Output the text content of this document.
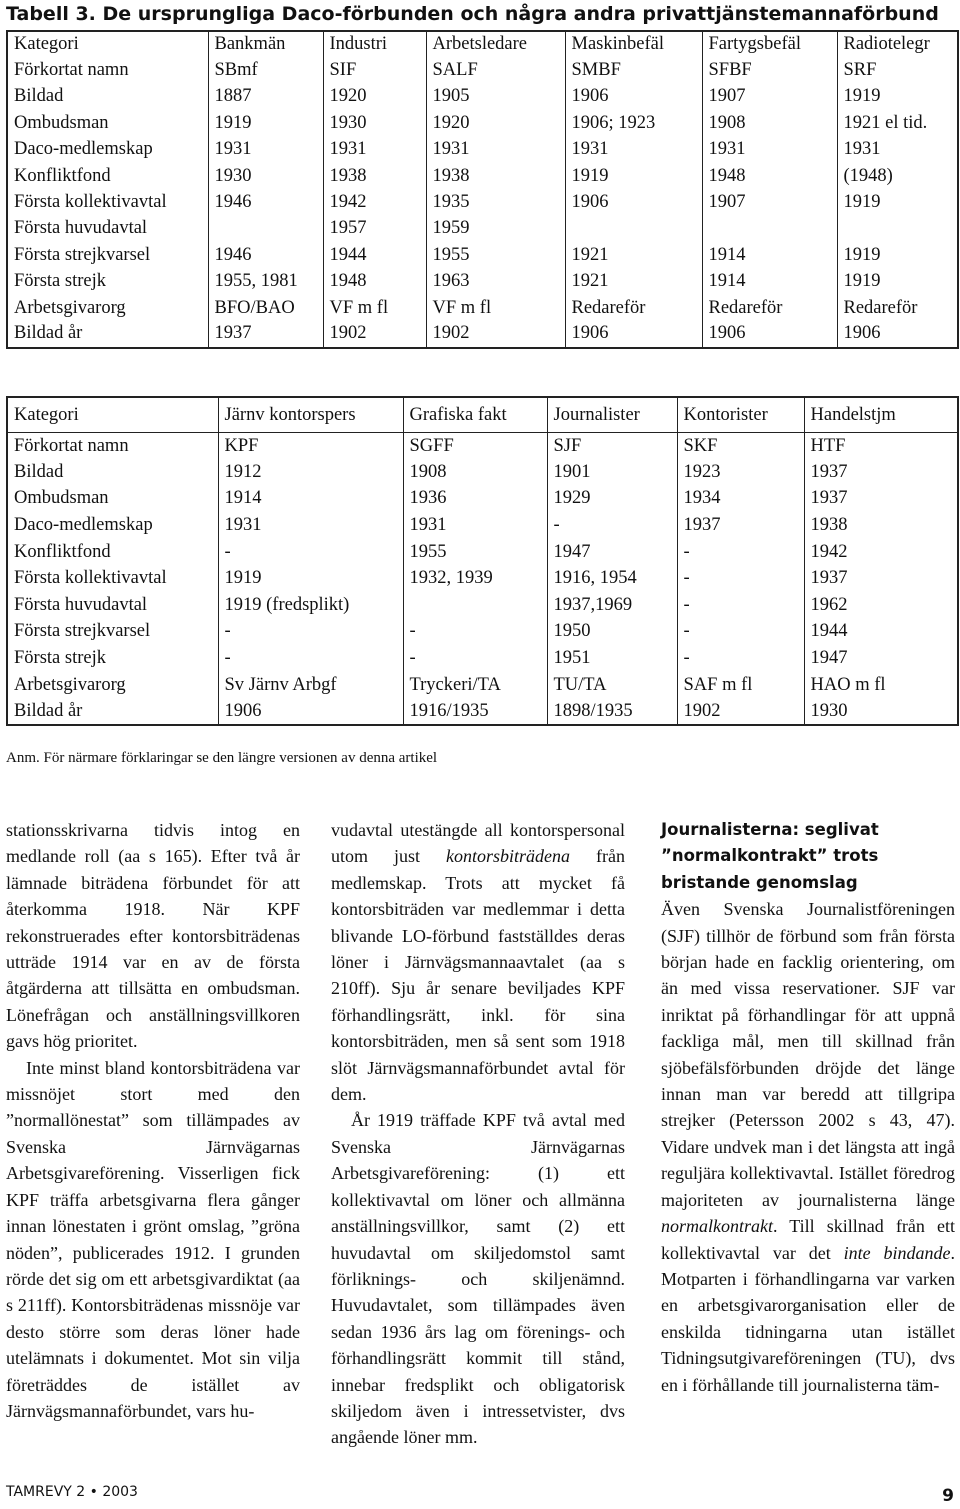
Tabell 3. De ursprungliga Daco-förbunden och några andra privattjänstemannaförbund
Kategori	Bankmän	Industri	Arbetsledare	Maskinbefäl	Fartygsbefäl	Radiotelegr
Förkortat namn	SBmf	SIF	SALF	SMBF	SFBF	SRF
Bildad	1887	1920	1905	1906	1907	1919
Ombudsman	1919	1930	1920	1906; 1923	1908	1921 el tid.
Daco-medlemskap	1931	1931	1931	1931	1931	1931
Konfliktfond	1930	1938	1938	1919	1948	(1948)
Första kollektivavtal	1946	1942	1935	1906	1907	1919
Första huvudavtal		1957	1959			
Första strejkvarsel	1946	1944	1955	1921	1914	1919
Första strejk	1955, 1981	1948	1963	1921	1914	1919
Arbetsgivarorg	BFO/BAO	VF m fl	VF m fl	Redareför	Redareför	Redareför
Bildad år	1937	1902	1902	1906	1906	1906
Kategori	Järnv kontorspers	Grafiska fakt	Journalister	Kontorister	Handelstjm
Förkortat namn	KPF	SGFF	SJF	SKF	HTF
Bildad	1912	1908	1901	1923	1937
Ombudsman	1914	1936	1929	1934	1937
Daco-medlemskap	1931	1931	-	1937	1938
Konfliktfond	-	1955	1947	-	1942
Första kollektivavtal	1919	1932, 1939	1916, 1954	-	1937
Första huvudavtal	1919 (fredsplikt)		1937,1969	-	1962
Första strejkvarsel	-	-	1950	-	1944
Första strejk	-	-	1951	-	1947
Arbetsgivarorg	Sv Järnv Arbgf	Tryckeri/TA	TU/TA	SAF m fl	HAO m fl
Bildad år	1906	1916/1935	1898/1935	1902	1930
Anm. För närmare förklaringar se den längre versionen av denna artikel

stationsskrivarna tidvis intog en medlande roll (aa s 165). Efter två år lämnade biträdena förbundet för att återkomma 1918. När KPF rekonstruerades efter kontorsbiträdenas utträde 1914 var en av de första åtgärderna att tillsätta en ombudsman. Lönefrågan och anställningsvillkoren gavs hög prioritet.

Inte minst bland kontorsbiträdena var missnöjet stort med den ”normallönestat” som tillämpades av Svenska Järnvägarnas Arbetsgivareförening. Visserligen fick KPF träffa arbetsgivarna flera gånger innan lönestaten i grönt omslag, ”gröna nöden”, publicerades 1912. I grunden rörde det sig om ett arbetsgivardiktat (aa s 211ff). Kontorsbiträdenas missnöje var desto större som deras löner hade utelämnats i dokumentet. Mot sin vilja företräddes de istället av Järnvägsmannaförbundet, vars hu-

vudavtal utestängde all kontorspersonal utom just kontorsbiträdena från medlemskap. Trots att mycket få kontorsbiträden var medlemmar i detta blivande LO-förbund fastställdes deras löner i Järnvägsmannaavtalet (aa s 210ff). Sju år senare beviljades KPF förhandlingsrätt, inkl. för sina kontorsbiträden, men så sent som 1918 slöt Järnvägsmannaförbundet avtal för dem.

År 1919 träffade KPF två avtal med Svenska Järnvägarnas Arbetsgivareförening: (1) ett kollektivavtal om löner och allmänna anställningsvillkor, samt (2) ett huvudavtal om skiljedomstol samt förliknings- och skiljenämnd. Huvudavtalet, som tillämpades även sedan 1936 års lag om förenings- och förhandlingsrätt kommit till stånd, innebar fredsplikt och obligatorisk skiljedom även i intressetvister, dvs angående löner mm.

Journalisterna: seglivat ”normalkontrakt” trots bristande genomslag

Även Svenska Journalistföreningen (SJF) tillhör de förbund som från första början hade en facklig orientering, om än med vissa reservationer. SJF var inriktat på förhandlingar för att uppnå fackliga mål, men till skillnad från sjöbefälsförbunden dröjde det länge innan man var beredd att tillgripa strejker (Petersson 2002 s 43, 47). Vidare undvek man i det längsta att ingå reguljära kollektivavtal. Istället föredrog majoriteten av journalisterna länge normalkontrakt. Till skillnad från ett kollektivavtal var det inte bindande. Motparten i förhandlingarna var varken en arbetsgivarorganisation eller de enskilda tidningarna utan istället Tidningsutgivareföreningen (TU), dvs en i förhållande till journalisterna täm-

TAMREVY 2 • 2003	9
